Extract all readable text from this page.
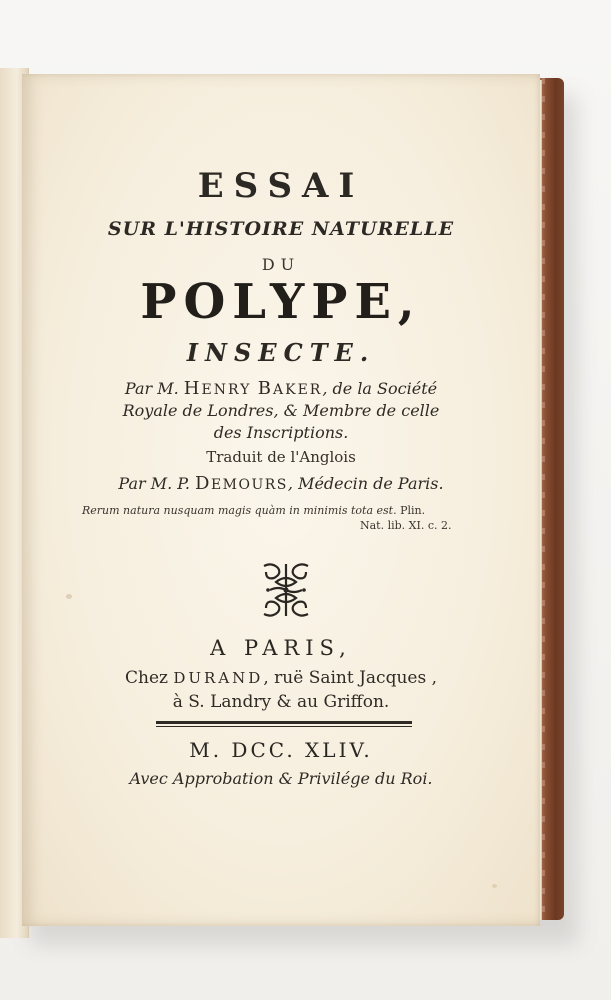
ESSAI
SUR L'HISTOIRE NATURELLE
DU
POLYPE,
INSECTE.
Par M. HENRY BAKER, de la Société
Royale de Londres, & Membre de celle
des Inscriptions.
Traduit de l'Anglois
Par M. P. DEMOURS, Médecin de Paris.
Rerum natura nusquam magis quàm in minimis tota est. Plin.
Nat. lib. XI. c. 2.
A PARIS,
Chez DURAND, ruë Saint Jacques ,
à S. Landry & au Griffon.
M. DCC. XLIV.
Avec Approbation & Privilége du Roi.
